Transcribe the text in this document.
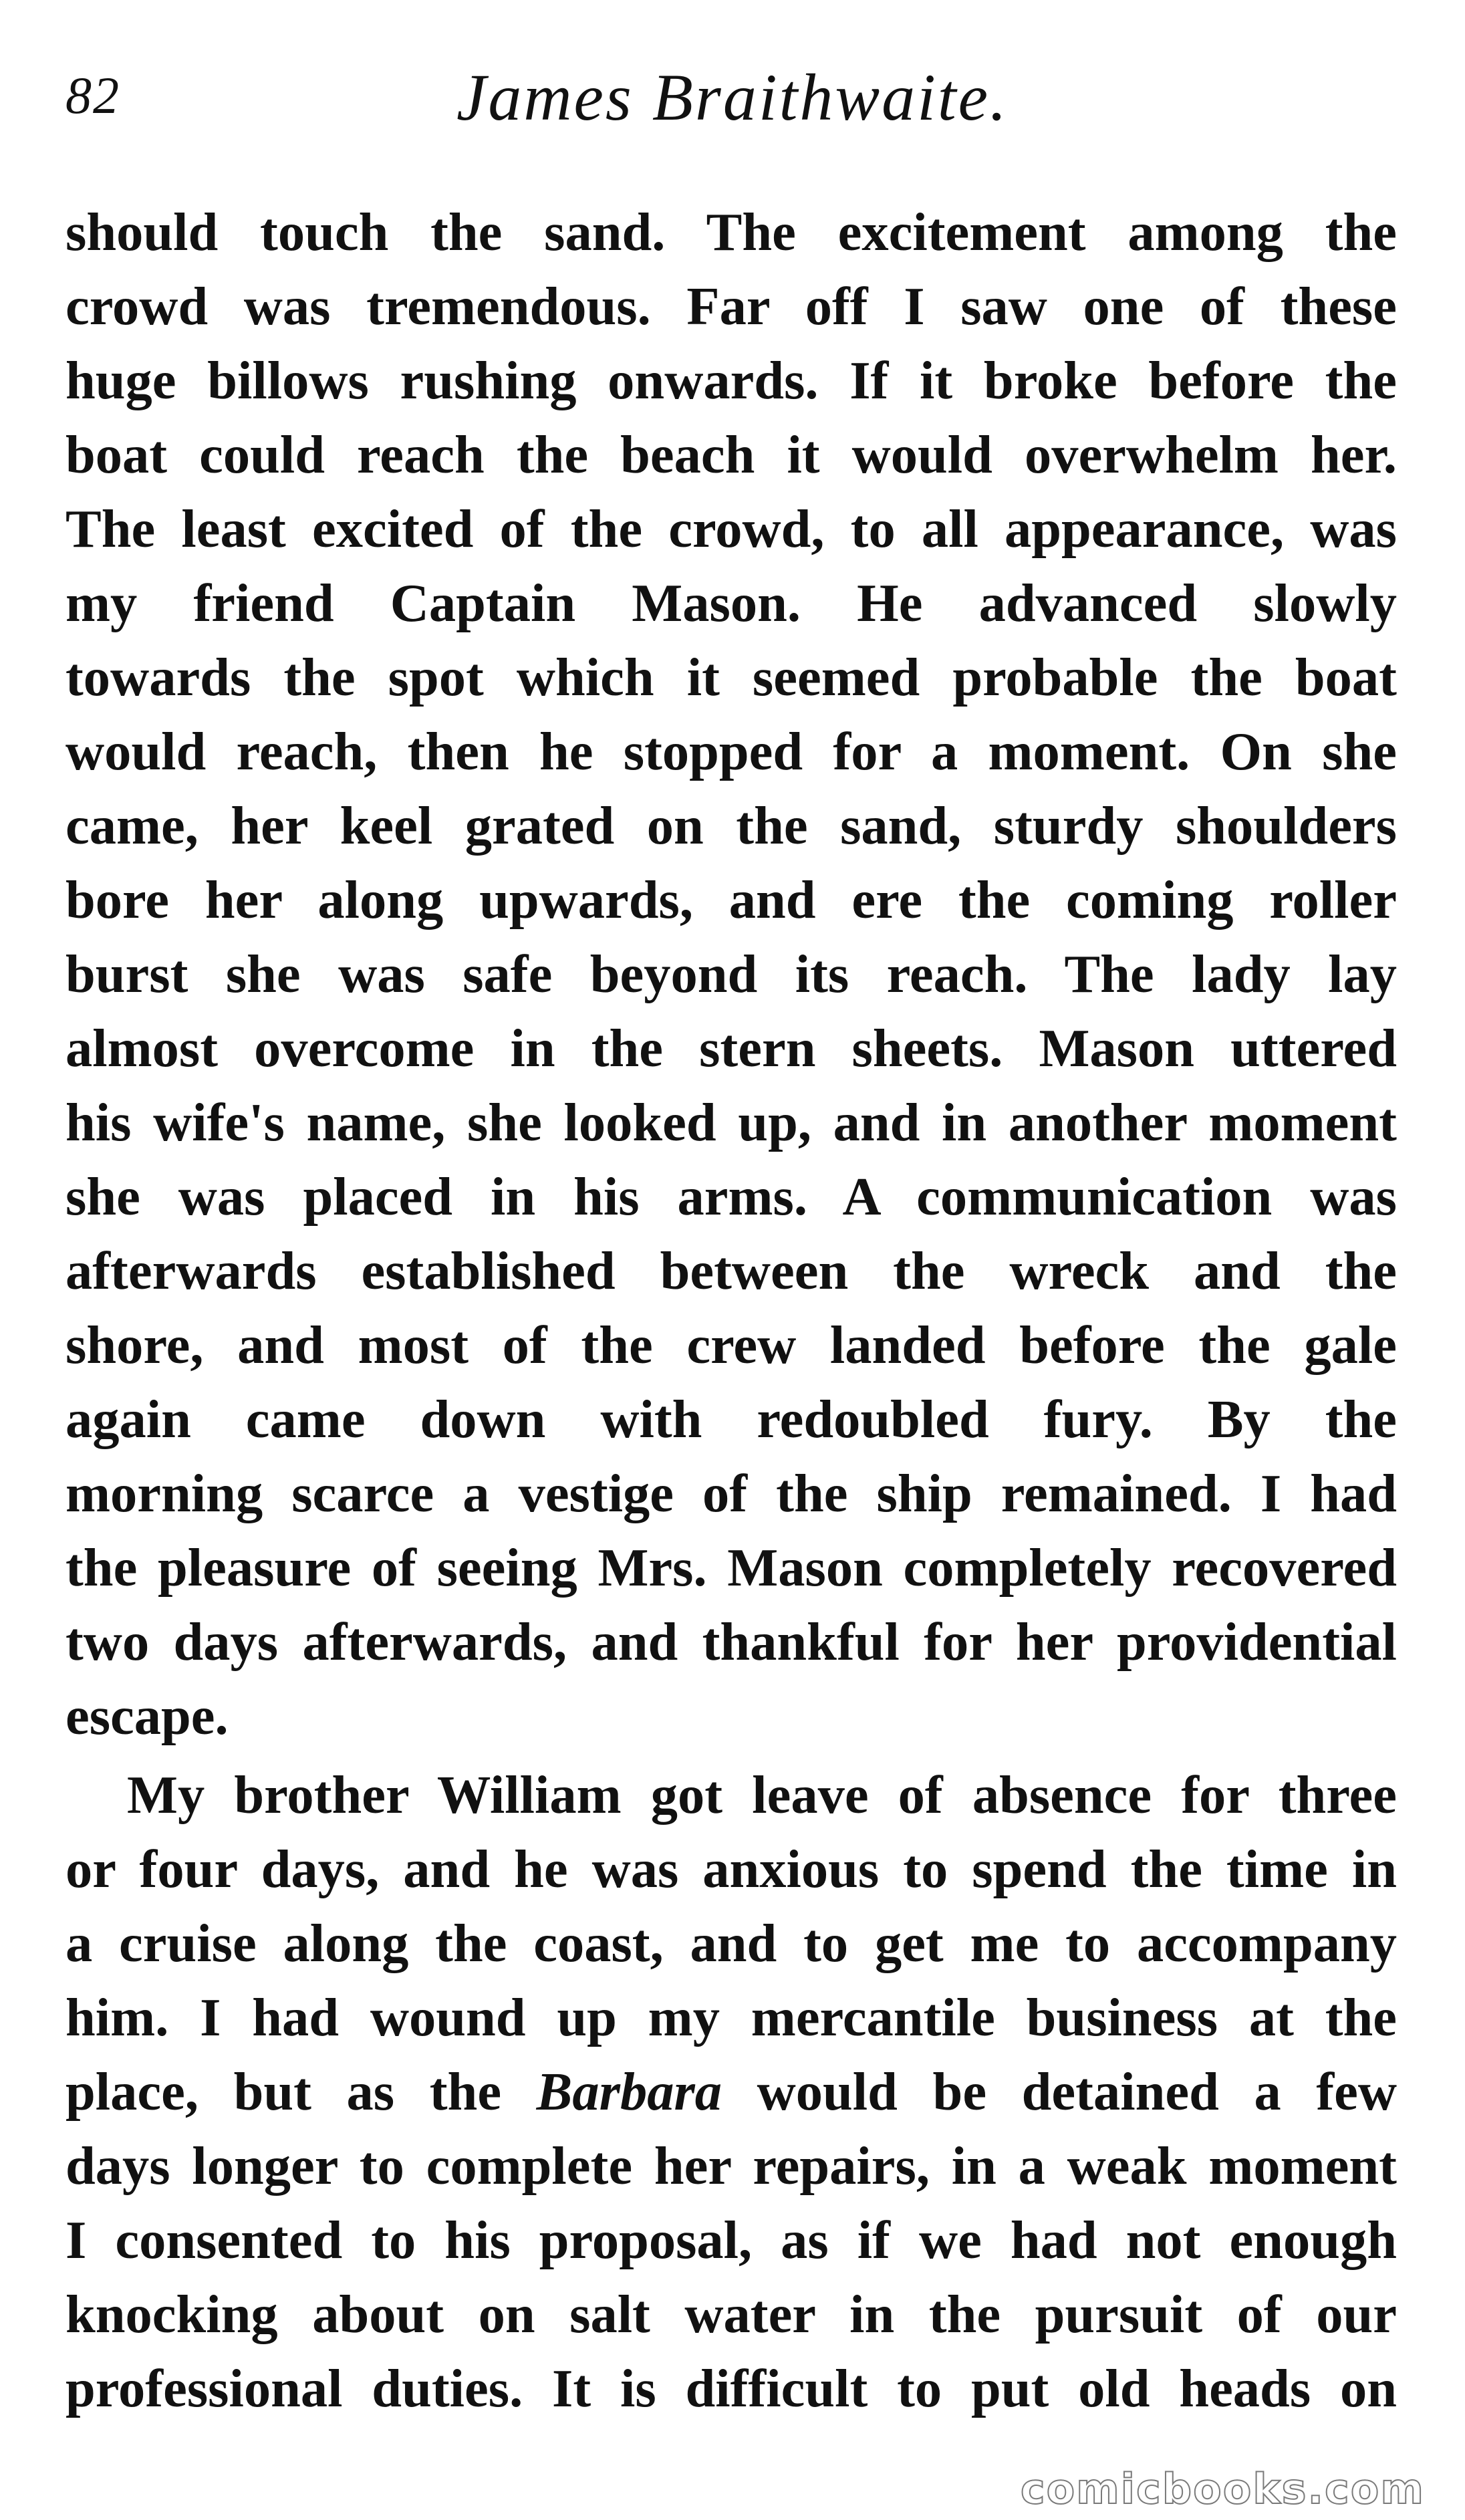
82	James Braithwaite.
should touch the sand. The excitement among the
crowd was tremendous. Far off I saw one of these
huge billows rushing onwards. If it broke before the
boat could reach the beach it would overwhelm her.
The least excited of the crowd, to all appearance, was
my friend Captain Mason. He advanced slowly
towards the spot which it seemed probable the boat
would reach, then he stopped for a moment. On she
came, her keel grated on the sand, sturdy shoulders
bore her along upwards, and ere the coming roller
burst she was safe beyond its reach. The lady lay
almost overcome in the stern sheets. Mason uttered
his wife's name, she looked up, and in another moment
she was placed in his arms. A communication was
afterwards established between the wreck and the
shore, and most of the crew landed before the gale
again came down with redoubled fury. By the
morning scarce a vestige of the ship remained. I had
the pleasure of seeing Mrs. Mason completely recovered
two days afterwards, and thankful for her providential
escape.
My brother William got leave of absence for three
or four days, and he was anxious to spend the time in
a cruise along the coast, and to get me to accompany
him. I had wound up my mercantile business at the
place, but as the Barbara would be detained a few
days longer to complete her repairs, in a weak moment
I consented to his proposal, as if we had not enough
knocking about on salt water in the pursuit of our
professional duties. It is difficult to put old heads on
comicbooks.com
